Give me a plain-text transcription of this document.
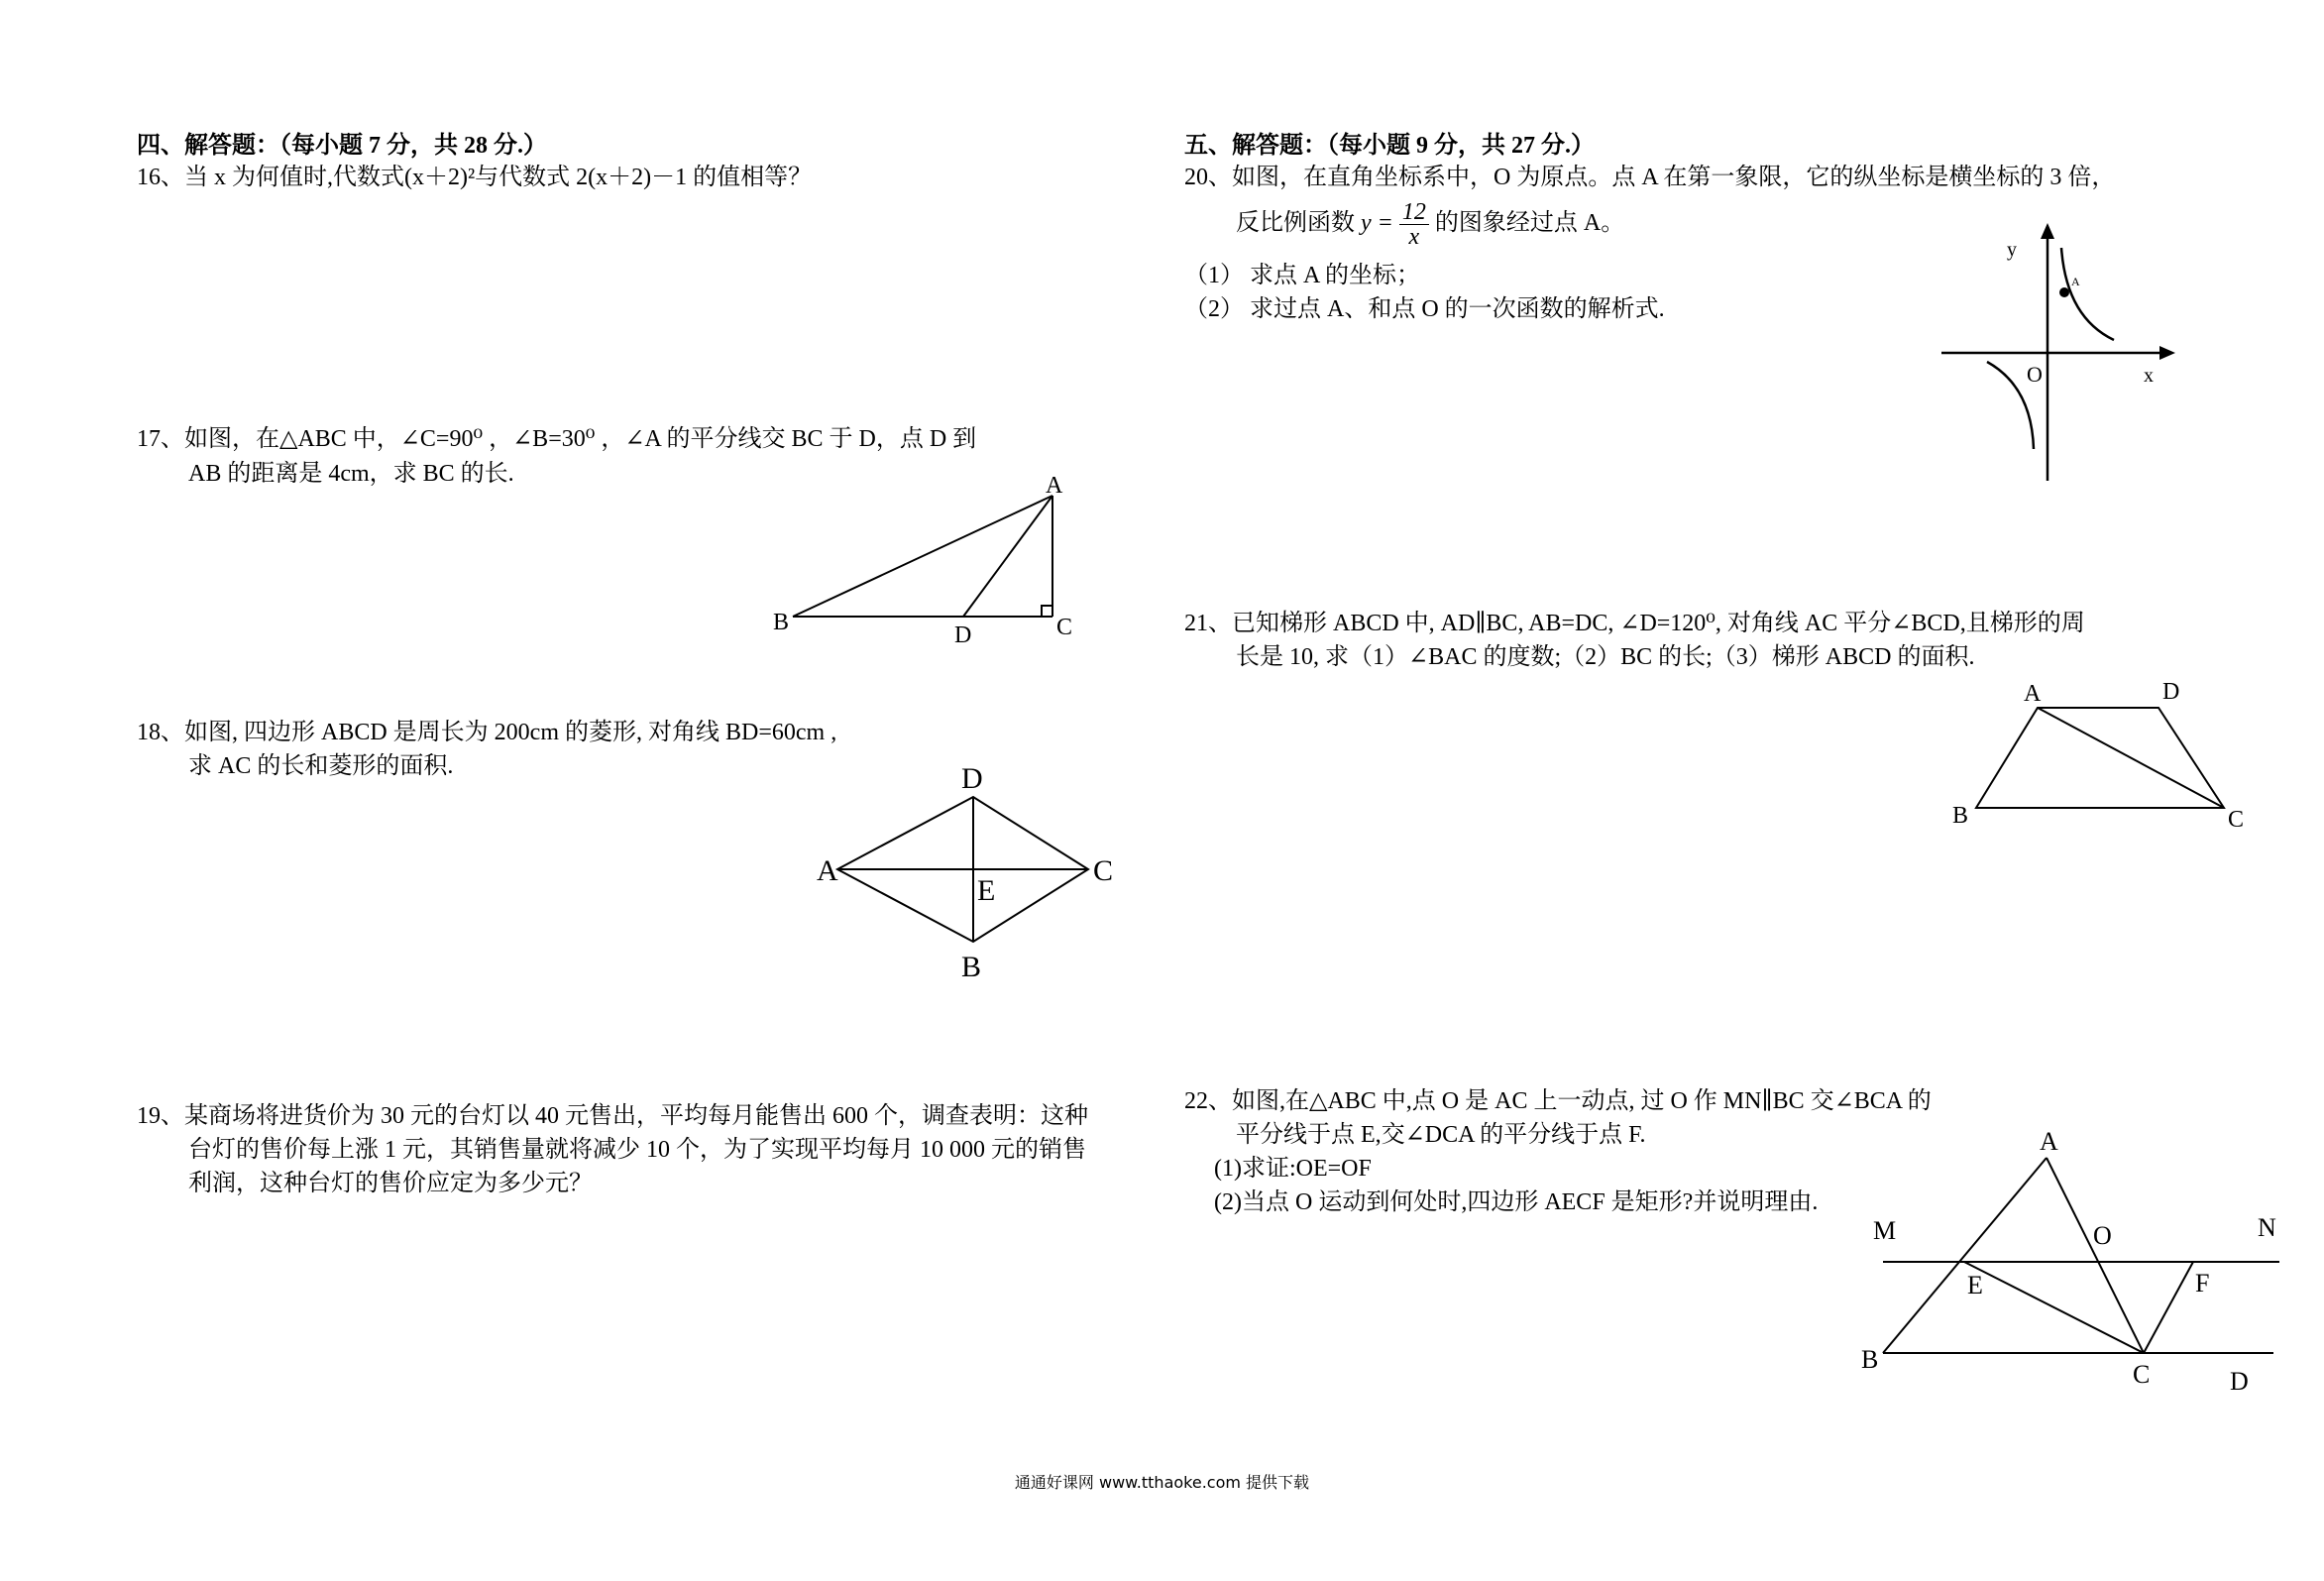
四、解答题：（每小题 7 分，共 28 分.）

16、当 x 为何值时,代数式(x＋2)²与代数式 2(x＋2)－1 的值相等？

17、如图，在△ABC 中，∠C=90⁰ ，∠B=30⁰ ，∠A 的平分线交 BC 于 D，点 D 到

AB 的距离是 4cm，求 BC 的长.

18、如图, 四边形 ABCD 是周长为 200cm 的菱形, 对角线 BD=60cm ,

求 AC 的长和菱形的面积.

19、某商场将进货价为 30 元的台灯以 40 元售出，平均每月能售出 600 个，调查表明：这种

台灯的售价每上涨 1 元，其销售量就将减少 10 个，为了实现平均每月 10 000 元的销售

利润，这种台灯的售价应定为多少元？

A
B	C
D
D
A	C
B
E

五、解答题：（每小题 9 分，共 27 分.）

20、如图，在直角坐标系中，O 为原点。点 A 在第一象限，它的纵坐标是横坐标的 3 倍，

反比例函数 $y = \frac{12}{x}$ 的图象经过点 A。

（1） 求点 A 的坐标；

（2） 求过点 A、和点 O 的一次函数的解析式.

21、已知梯形 ABCD 中, AD∥BC, AB=DC, ∠D=120⁰, 对角线 AC 平分∠BCD,且梯形的周

长是 10, 求（1）∠BAC 的度数;（2）BC 的长;（3）梯形 ABCD 的面积.

22、如图,在△ABC 中,点 O 是 AC 上一动点, 过 O 作 MN∥BC 交∠BCA 的

平分线于点 E,交∠DCA 的平分线于点 F.

(1)求证:OE=OF

(2)当点 O 运动到何处时,四边形 AECF 是矩形?并说明理由.

y
x
O
A
A	D
B	C
A
B
C	D
E	F
M	N
O
通通好课网 www.tthaoke.com 提供下载
